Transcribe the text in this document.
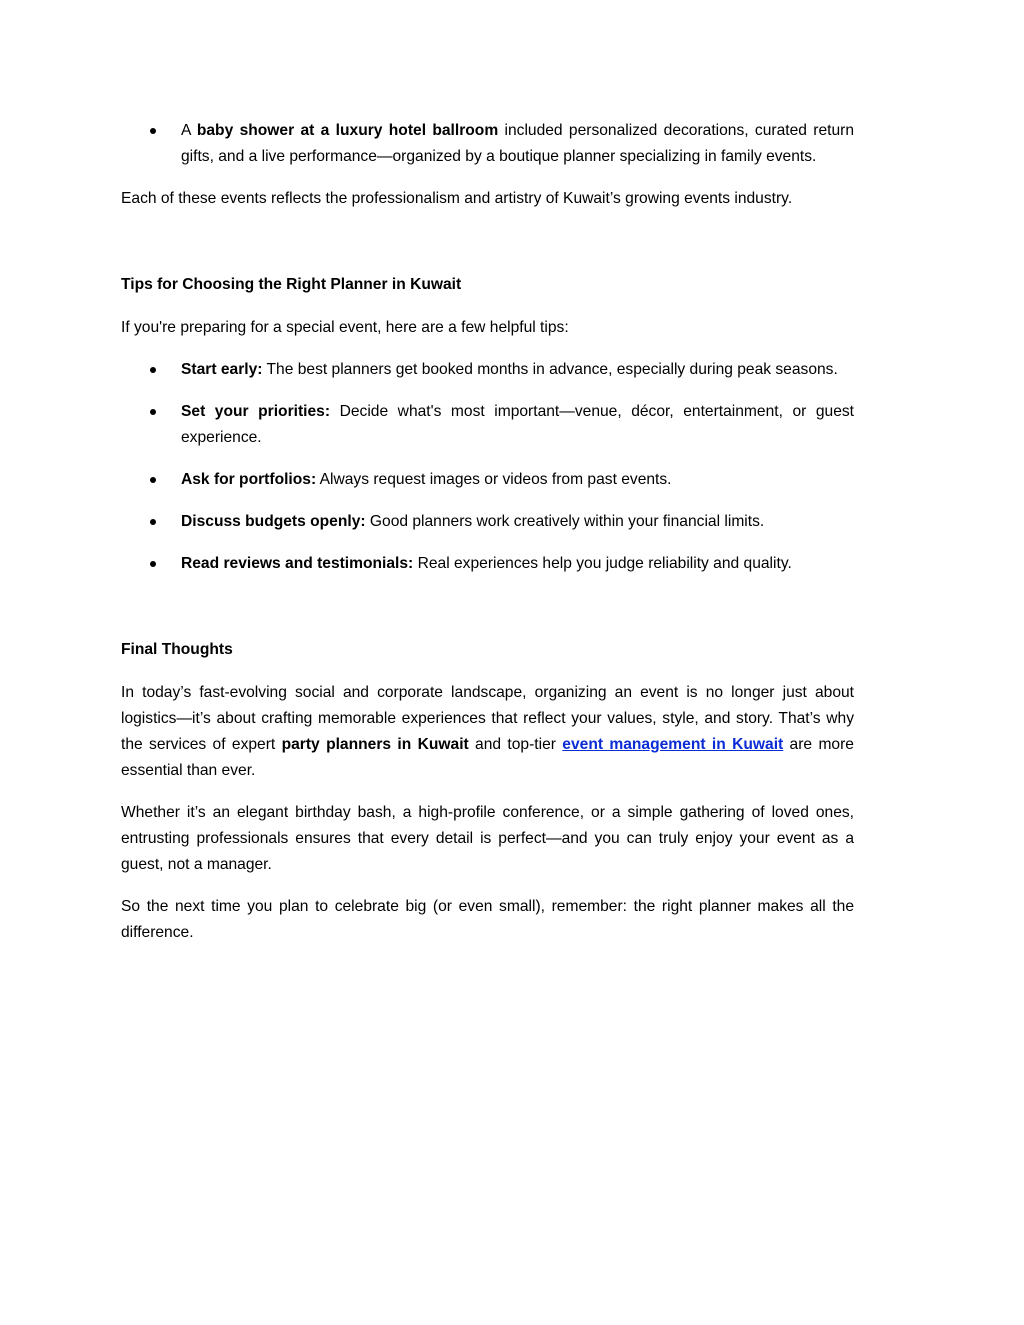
A baby shower at a luxury hotel ballroom included personalized decorations, curated return gifts, and a live performance—organized by a boutique planner specializing in family events.

Each of these events reflects the professionalism and artistry of Kuwait’s growing events industry.

Tips for Choosing the Right Planner in Kuwait

If you're preparing for a special event, here are a few helpful tips:

Start early: The best planners get booked months in advance, especially during peak seasons.
Set your priorities: Decide what's most important—venue, décor, entertainment, or guest experience.
Ask for portfolios: Always request images or videos from past events.
Discuss budgets openly: Good planners work creatively within your financial limits.
Read reviews and testimonials: Real experiences help you judge reliability and quality.

Final Thoughts

In today’s fast-evolving social and corporate landscape, organizing an event is no longer just about logistics—it’s about crafting memorable experiences that reflect your values, style, and story. That’s why the services of expert party planners in Kuwait and top-tier event management in Kuwait are more essential than ever.

Whether it’s an elegant birthday bash, a high-profile conference, or a simple gathering of loved ones, entrusting professionals ensures that every detail is perfect—and you can truly enjoy your event as a guest, not a manager.

So the next time you plan to celebrate big (or even small), remember: the right planner makes all the difference.
